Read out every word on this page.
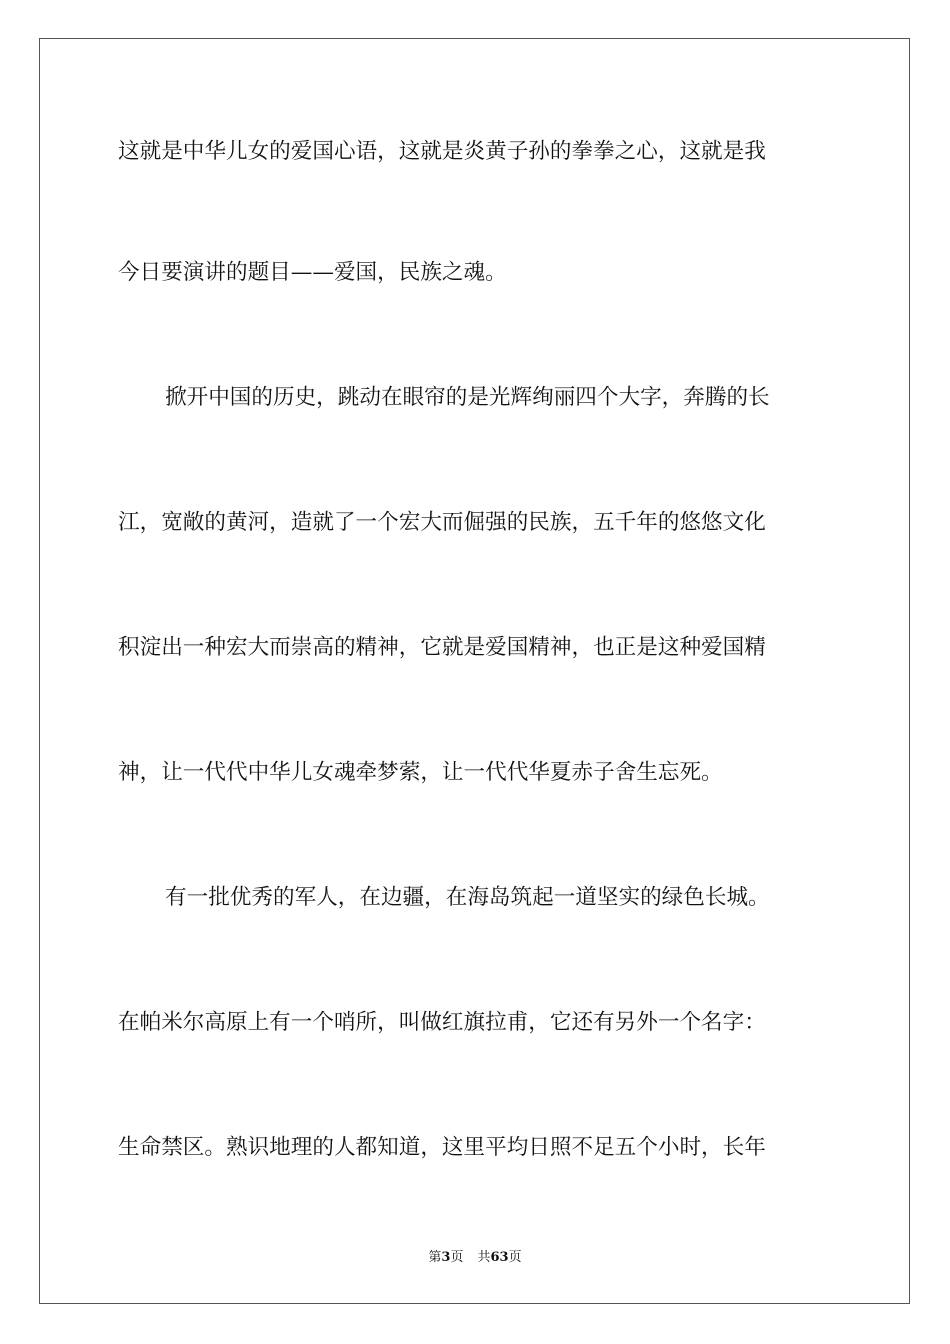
这就是中华儿女的爱国心语，这就是炎黄子孙的拳拳之心，这就是我

今日要演讲的题目——爱国，民族之魂。

掀开中国的历史，跳动在眼帘的是光辉绚丽四个大字，奔腾的长

江，宽敞的黄河，造就了一个宏大而倔强的民族，五千年的悠悠文化

积淀出一种宏大而崇高的精神，它就是爱国精神，也正是这种爱国精

神，让一代代中华儿女魂牵梦萦，让一代代华夏赤子舍生忘死。

有一批优秀的军人，在边疆，在海岛筑起一道坚实的绿色长城。

在帕米尔高原上有一个哨所，叫做红旗拉甫，它还有另外一个名字：

生命禁区。熟识地理的人都知道，这里平均日照不足五个小时，长年

第3页 共63页
